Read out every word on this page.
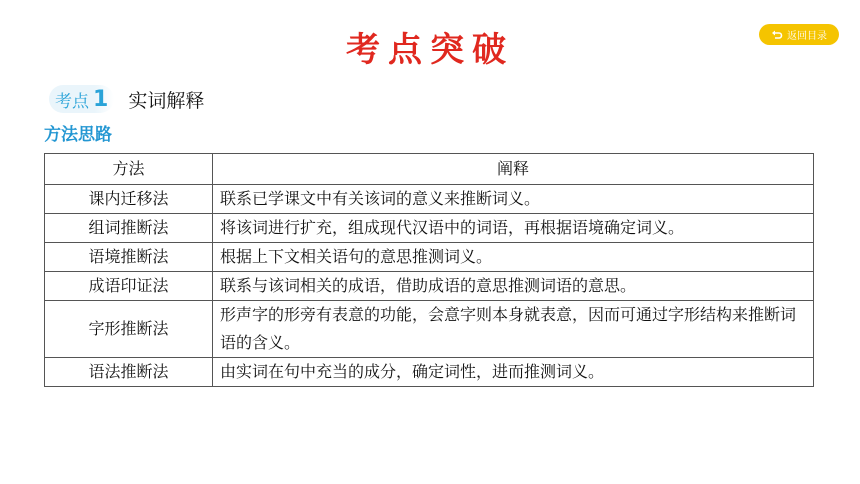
考点突破	返回目录
考点 1 实词解释
方法思路
方法	阐释
课内迁移法	联系已学课文中有关该词的意义来推断词义。
组词推断法	将该词进行扩充，组成现代汉语中的词语，再根据语境确定词义。
语境推断法	根据上下文相关语句的意思推测词义。
成语印证法	联系与该词相关的成语，借助成语的意思推测词语的意思。
字形推断法	形声字的形旁有表意的功能，会意字则本身就表意，因而可通过字形结构来推断词语的含义。
语法推断法	由实词在句中充当的成分，确定词性，进而推测词义。
